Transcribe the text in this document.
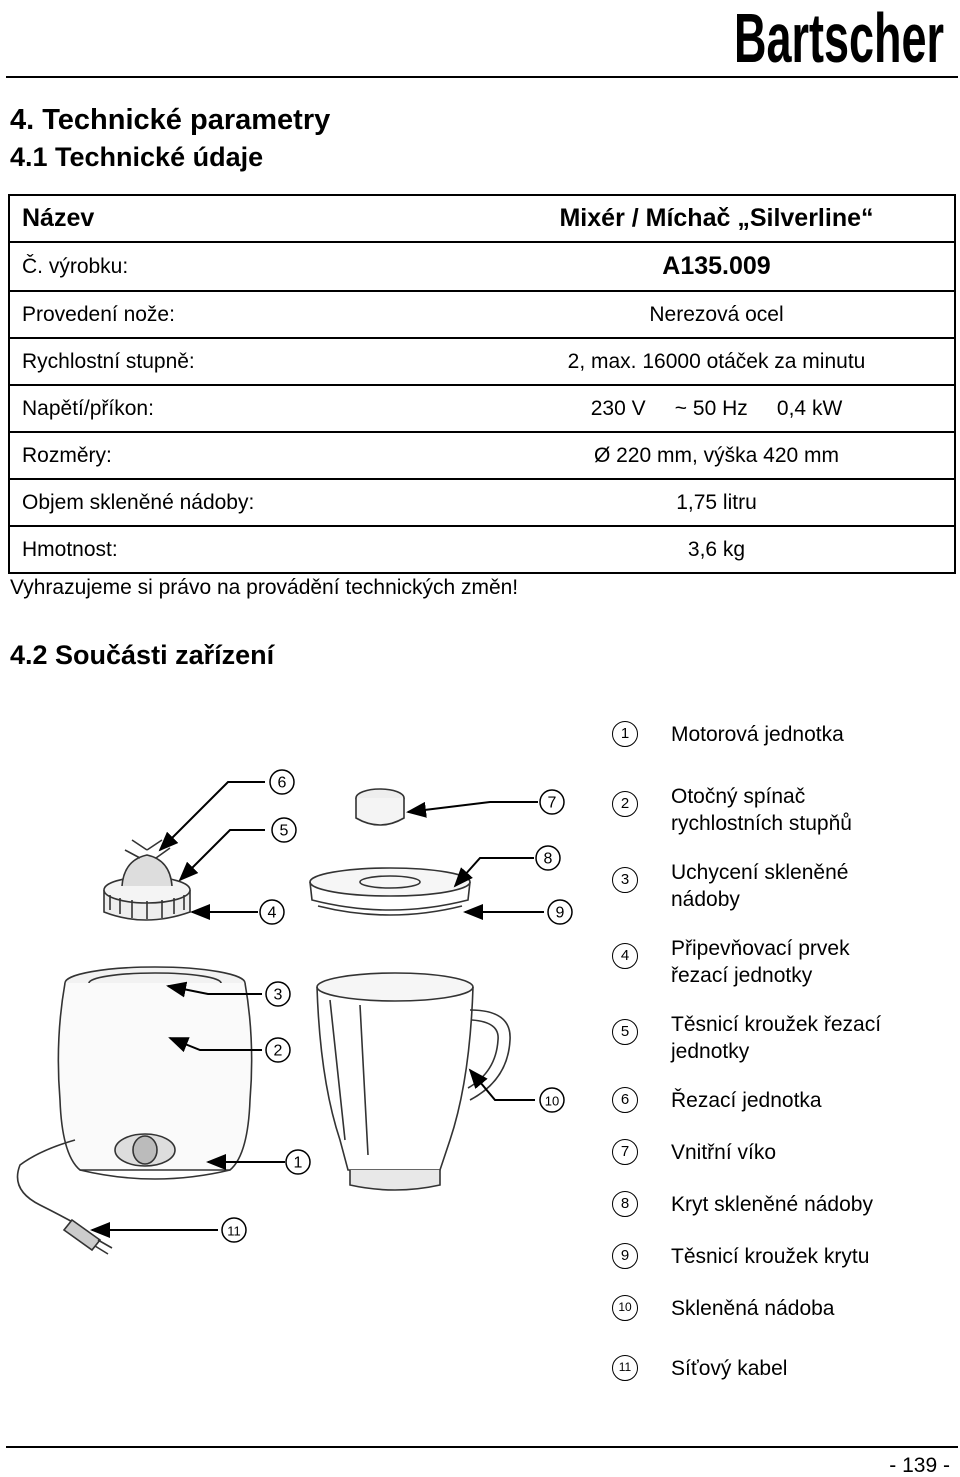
Bartscher
4. Technické parametry
4.1 Technické údaje
Název	Mixér / Míchač „Silverline“
Č. výrobku:	A135.009
Provedení nože:	Nerezová ocel
Rychlostní stupně:	2, max. 16000 otáček za minutu
Napětí/příkon:	230 V     ~ 50 Hz     0,4 kW
Rozměry:	Ø 220 mm, výška 420 mm
Objem skleněné nádoby:	1,75 litru
Hmotnost:	3,6 kg
Vyhrazujeme si právo na provádění technických změn!
4.2 Součásti zařízení
1
2
3
4
5
6
7
8
9
10
11
1	Motorová jednotka
2	Otočný spínač rychlostních stupňů
3	Uchycení skleněné nádoby
4	Připevňovací prvek řezací jednotky
5	Těsnicí kroužek řezací jednotky
6	Řezací jednotka
7	Vnitřní víko
8	Kryt skleněné nádoby
9	Těsnicí kroužek krytu
10	Skleněná nádoba
11	Síťový kabel
- 139 -
